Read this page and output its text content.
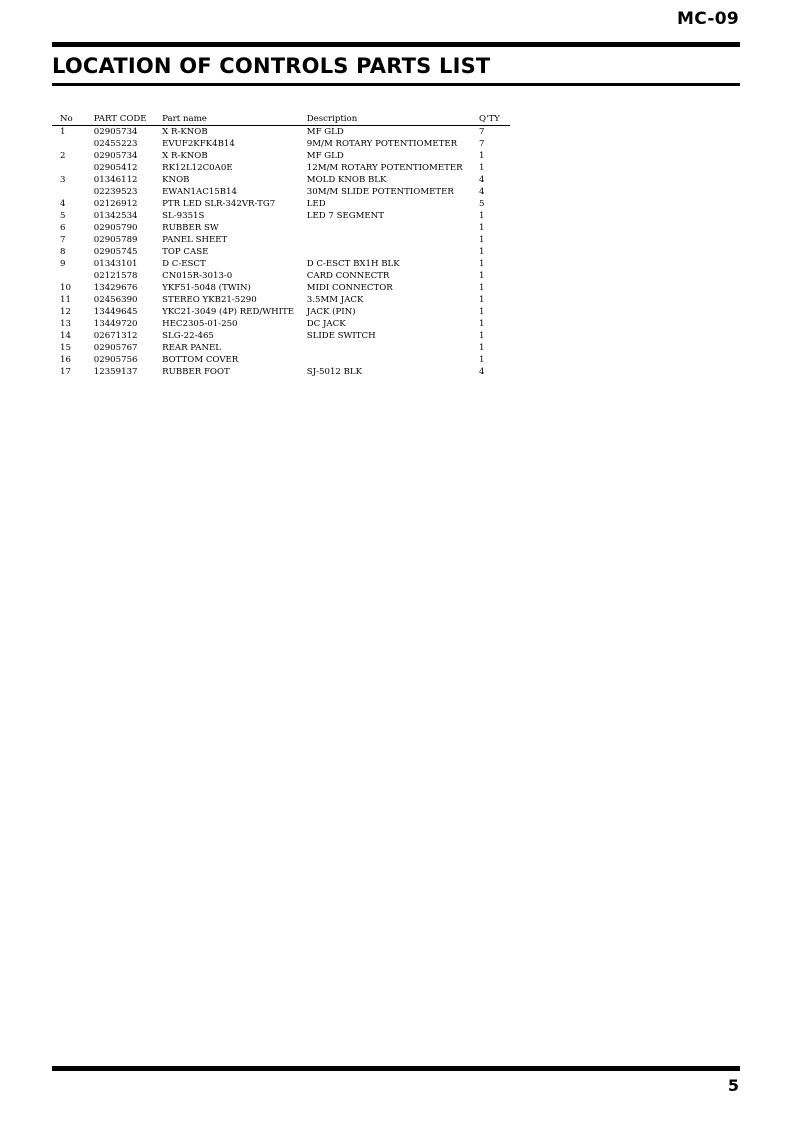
MC-09
LOCATION OF CONTROLS PARTS LIST
No	PART CODE	Part name	Description	Q'TY
1	02905734	X R-KNOB	MF GLD	7
	02455223	EVUF2KFK4B14	9M/M ROTARY POTENTIOMETER	7
2	02905734	X R-KNOB	MF GLD	1
	02905412	RK12L12C0A0E	12M/M ROTARY POTENTIOMETER	1
3	01346112	KNOB	MOLD KNOB BLK	4
	02239523	EWAN1AC15B14	30M/M SLIDE POTENTIOMETER	4
4	02126912	PTR LED SLR-342VR-TG7	LED	5
5	01342534	SL-9351S	LED 7 SEGMENT	1
6	02905790	RUBBER SW		1
7	02905789	PANEL SHEET		1
8	02905745	TOP CASE		1
9	01343101	D C-ESCT	D C-ESCT BX1H BLK	1
	02121578	CN015R-3013-0	CARD CONNECTR	1
10	13429676	YKF51-5048 (TWIN)	MIDI CONNECTOR	1
11	02456390	STEREO YKB21-5290	3.5MM JACK	1
12	13449645	YKC21-3049 (4P) RED/WHITE	JACK (PIN)	1
13	13449720	HEC2305-01-250	DC JACK	1
14	02671312	SLG-22-465	SLIDE SWITCH	1
15	02905767	REAR PANEL		1
16	02905756	BOTTOM COVER		1
17	12359137	RUBBER FOOT	SJ-5012 BLK	4
5
